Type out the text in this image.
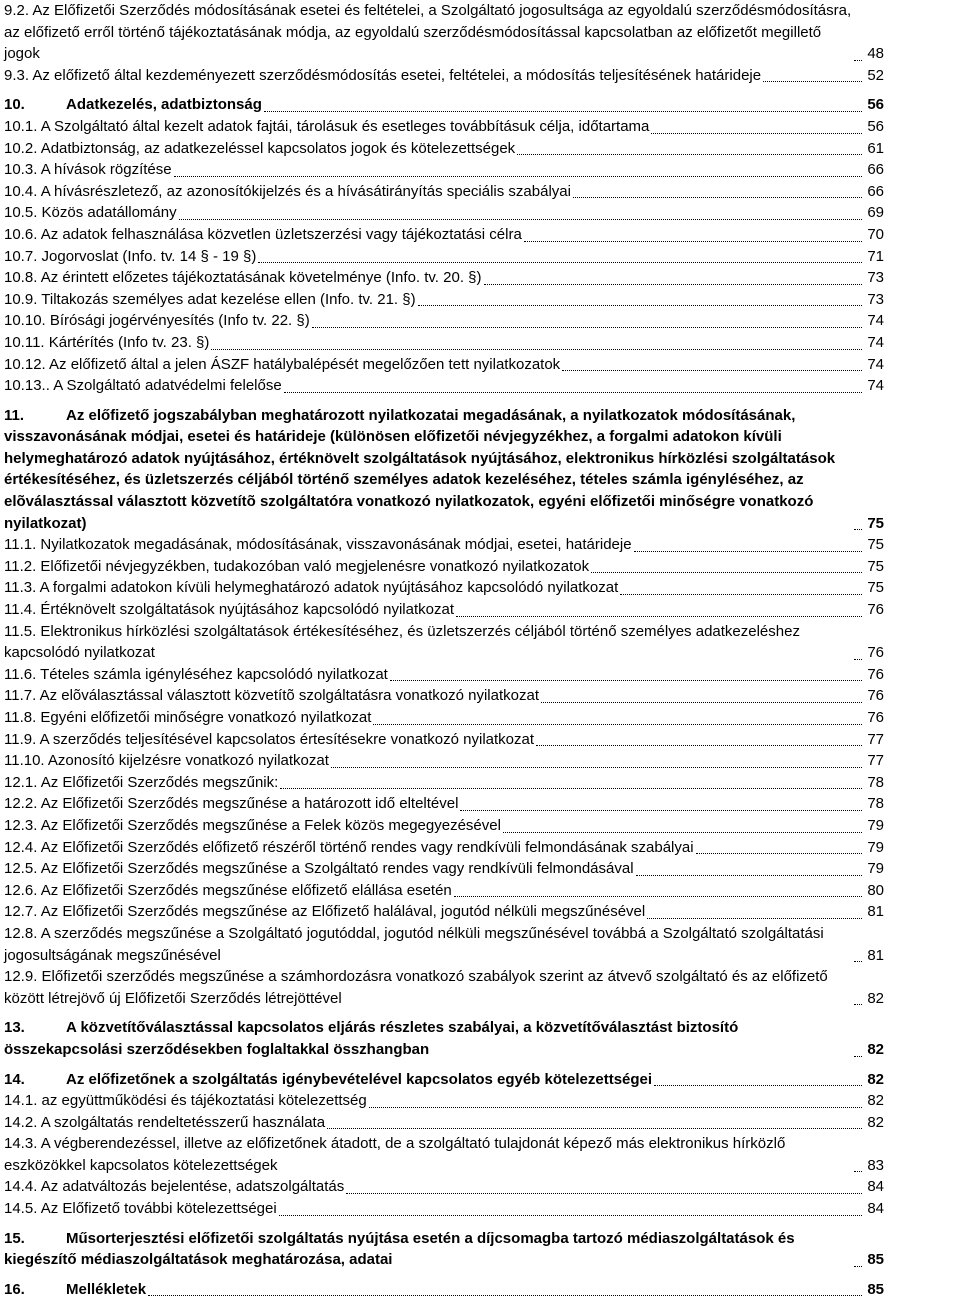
9.2. Az Előfizetői Szerződés módosításának esetei és feltételei, a Szolgáltató jogosultsága az egyoldalú szerződésmódosításra, az előfizető erről történő tájékoztatásának módja, az egyoldalú szerződésmódosítással kapcsolatban az előfizetőt megillető jogok	48
9.3. Az előfizető által kezdeményezett szerződésmódosítás esetei, feltételei, a módosítás teljesítésének határideje	52
10.	Adatkezelés, adatbiztonság	56
10.1. A Szolgáltató által kezelt adatok fajtái, tárolásuk és esetleges továbbításuk célja, időtartama	56
10.2. Adatbiztonság, az adatkezeléssel kapcsolatos jogok és kötelezettségek	61
10.3. A hívások rögzítése	66
10.4. A hívásrészletező, az azonosítókijelzés és a hívásátirányítás speciális szabályai	66
10.5. Közös adatállomány	69
10.6. Az adatok felhasználása közvetlen üzletszerzési vagy tájékoztatási célra	70
10.7. Jogorvoslat (Info. tv. 14 § - 19 §)	71
10.8. Az érintett előzetes tájékoztatásának követelménye (Info. tv. 20. §)	73
10.9. Tiltakozás személyes adat kezelése ellen (Info. tv. 21. §)	73
10.10. Bírósági jogérvényesítés (Info tv. 22. §)	74
10.11. Kártérítés (Info tv. 23. §)	74
10.12. Az előfizető által a jelen ÁSZF hatálybalépését megelőzően tett nyilatkozatok	74
10.13.. A Szolgáltató adatvédelmi felelőse	74
11.	Az előfizető jogszabályban meghatározott nyilatkozatai megadásának, a nyilatkozatok módosításának, visszavonásának módjai, esetei és határideje (különösen előfizetői névjegyzékhez, a forgalmi adatokon kívüli helymeghatározó adatok nyújtásához, értéknövelt szolgáltatások nyújtásához, elektronikus hírközlési szolgáltatások értékesítéséhez, és üzletszerzés céljából történő személyes adatok kezeléséhez, tételes számla igényléséhez, az elõválasztással választott közvetítõ szolgáltatóra vonatkozó nyilatkozatok, egyéni előfizetői minőségre vonatkozó nyilatkozat)	75
11.1. Nyilatkozatok megadásának, módosításának, visszavonásának módjai, esetei, határideje	75
11.2. Előfizetői névjegyzékben, tudakozóban való megjelenésre vonatkozó nyilatkozatok	75
11.3. A forgalmi adatokon kívüli helymeghatározó adatok nyújtásához kapcsolódó nyilatkozat	75
11.4. Értéknövelt szolgáltatások nyújtásához kapcsolódó nyilatkozat	76
11.5. Elektronikus hírközlési szolgáltatások értékesítéséhez, és üzletszerzés céljából történő személyes adatkezeléshez kapcsolódó nyilatkozat	76
11.6. Tételes számla igényléséhez kapcsolódó nyilatkozat	76
11.7. Az elõválasztással választott közvetítõ szolgáltatásra vonatkozó nyilatkozat	76
11.8. Egyéni előfizetői minőségre vonatkozó nyilatkozat	76
11.9. A szerződés teljesítésével kapcsolatos értesítésekre vonatkozó nyilatkozat	77
11.10. Azonosító kijelzésre vonatkozó nyilatkozat	77
12.1. Az Előfizetői Szerződés megszűnik:	78
12.2. Az Előfizetői Szerződés megszűnése a határozott idő elteltével	78
12.3. Az Előfizetői Szerződés megszűnése a Felek közös megegyezésével	79
12.4. Az Előfizetői Szerződés előfizető részéről történő rendes vagy rendkívüli felmondásának szabályai	79
12.5. Az Előfizetői Szerződés megszűnése a Szolgáltató rendes vagy rendkívüli felmondásával	79
12.6. Az Előfizetői Szerződés megszűnése előfizető elállása esetén	80
12.7. Az Előfizetői Szerződés megszűnése az Előfizető halálával, jogutód nélküli megszűnésével	81
12.8. A szerződés megszűnése a Szolgáltató jogutóddal, jogutód nélküli megszűnésével továbbá a Szolgáltató szolgáltatási jogosultságának megszűnésével	81
12.9. Előfizetői szerződés megszűnése a számhordozásra vonatkozó szabályok szerint az átvevő szolgáltató és az előfizető között létrejövő új Előfizetői Szerződés létrejöttével	82
13.	A közvetítőválasztással kapcsolatos eljárás részletes szabályai, a közvetítőválasztást biztosító összekapcsolási szerződésekben foglaltakkal összhangban	82
14.	Az előfizetőnek a szolgáltatás igénybevételével kapcsolatos egyéb kötelezettségei	82
14.1. az együttműködési és tájékoztatási kötelezettség	82
14.2. A szolgáltatás rendeltetésszerű használata	82
14.3. A végberendezéssel, illetve az előfizetőnek átadott, de a szolgáltató tulajdonát képező más elektronikus hírközlő eszközökkel kapcsolatos kötelezettségek	83
14.4. Az adatváltozás bejelentése, adatszolgáltatás	84
14.5. Az Előfizető további kötelezettségei	84
15.	Műsorterjesztési előfizetői szolgáltatás nyújtása esetén a díjcsomagba tartozó médiaszolgáltatások és kiegészítő médiaszolgáltatások meghatározása, adatai	85
16.	Mellékletek	85
